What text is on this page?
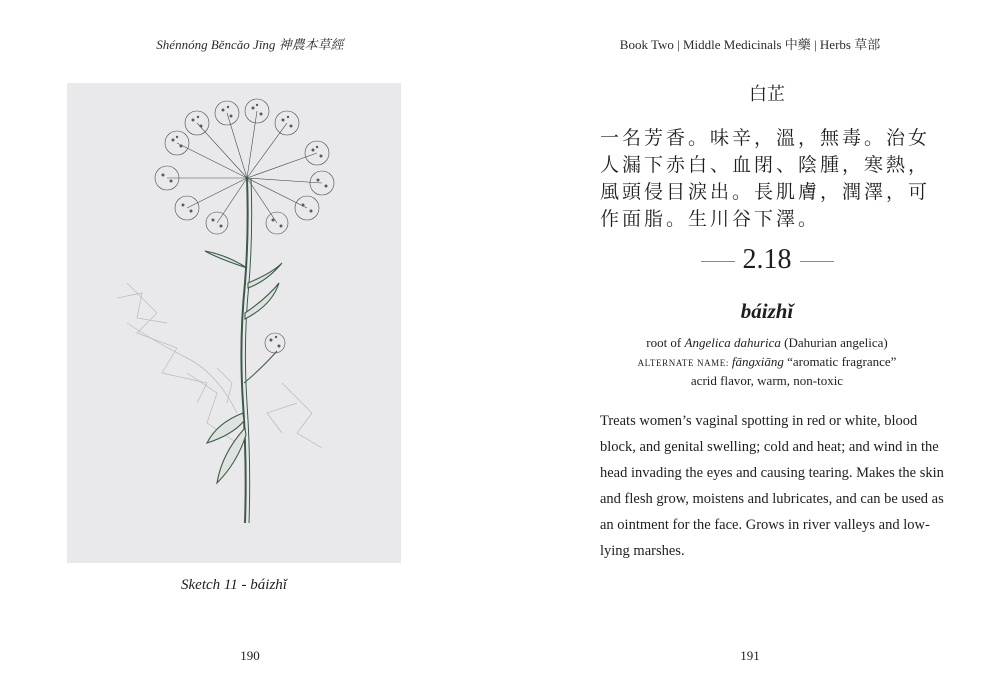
Shénnóng Běncǎo Jīng 神農本草經
Sketch 11 - báizhǐ
190
Book Two | Middle Medicinals 中藥 | Herbs 草部
白芷
一名芳香。味辛，溫，無毒。治女人漏下赤白、血閉、陰腫，寒熱，風頭侵目淚出。長肌膚，潤澤，可作面脂。生川谷下澤。
2.18
báizhǐ
root of Angelica dahurica (Dahurian angelica)
ALTERNATE NAME: fāngxiāng “aromatic fragrance”
acrid flavor, warm, non-toxic
Treats women’s vaginal spotting in red or white, blood block, and genital swelling; cold and heat; and wind in the head invading the eyes and causing tearing. Makes the skin and flesh grow, moistens and lubricates, and can be used as an ointment for the face. Grows in river valleys and low-lying marshes.
191
